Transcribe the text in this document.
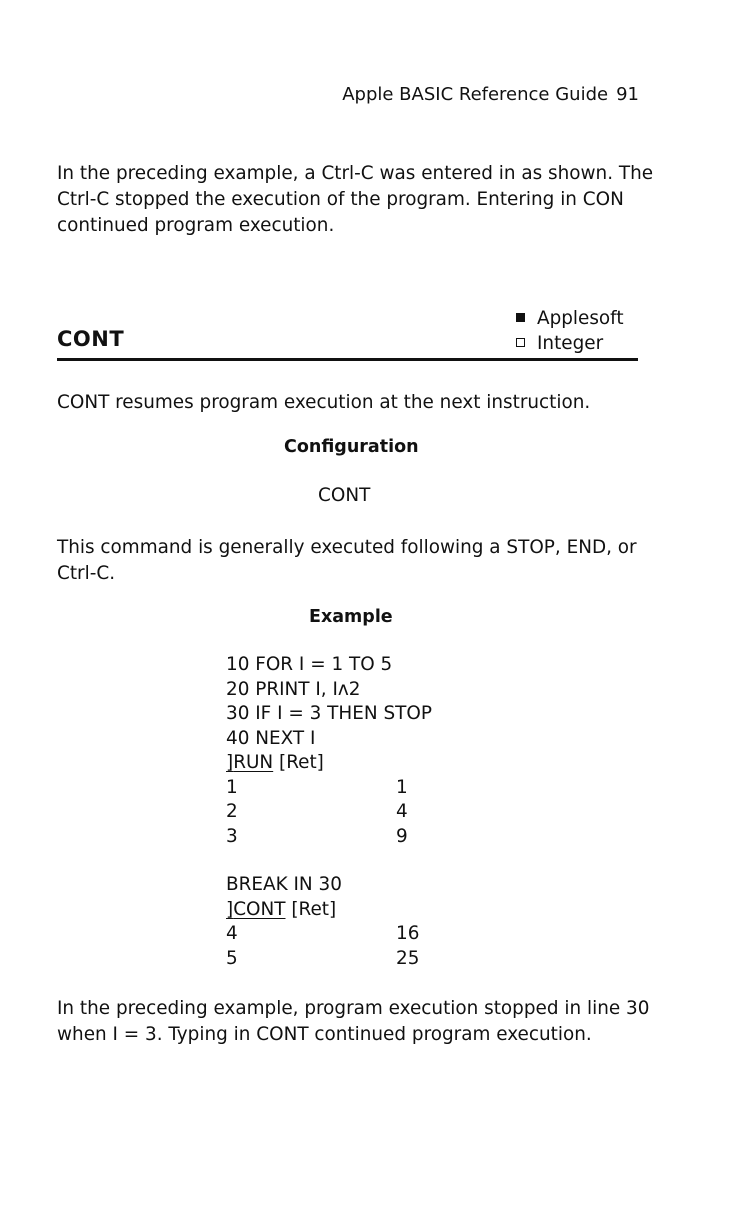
Apple BASIC Reference Guide 91

In the preceding example, a Ctrl-C was entered in as shown. The Ctrl-C stopped the execution of the program. Entering in CON continued program execution.

Applesoft
Integer
CONT

CONT resumes program execution at the next instruction.

Configuration
CONT

This command is generally executed following a STOP, END, or Ctrl-C.

Example
10 FOR I = 1 TO 5
20 PRINT I, Iʌ2
30 IF I = 3 THEN STOP
40 NEXT I
]RUN [Ret]
1	1
2	4
3	9
BREAK IN 30
]CONT [Ret]
4	16
5	25

In the preceding example, program execution stopped in line 30 when I = 3. Typing in CONT continued program execution.
